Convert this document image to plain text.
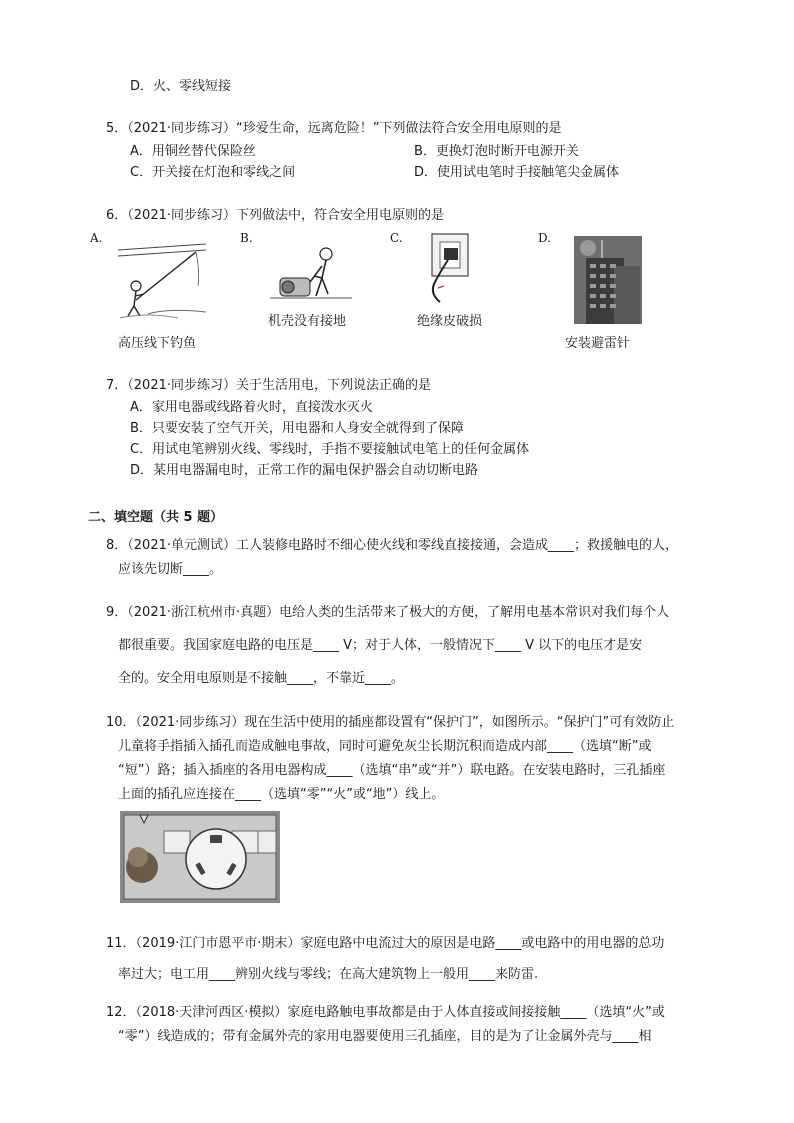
D．火、零线短接
5．（2021·同步练习）“珍爱生命，远离危险！”下列做法符合安全用电原则的是
A．用铜丝替代保险丝	B．更换灯泡时断开电源开关
C．开关接在灯泡和零线之间	D．使用试电笔时手接触笔尖金属体
6．（2021·同步练习）下列做法中，符合安全用电原则的是
A.	B.	C.	D.
高压线下钓鱼
机壳没有接地	绝缘皮破损
安装避雷针
7．（2021·同步练习）关于生活用电，下列说法正确的是
A．家用电器或线路着火时，直接泼水灭火
B．只要安装了空气开关，用电器和人身安全就得到了保障
C．用试电笔辨别火线、零线时，手指不要接触试电笔上的任何金属体
D．某用电器漏电时，正常工作的漏电保护器会自动切断电路
二、填空题（共 5 题）
8．（2021·单元测试）工人装修电路时不细心使火线和零线直接接通，会造成____；救援触电的人，
应该先切断____。
9．（2021·浙江杭州市·真题）电给人类的生活带来了极大的方便，了解用电基本常识对我们每个人
都很重要。我国家庭电路的电压是____ V；对于人体，一般情况下____ V 以下的电压才是安
全的。安全用电原则是不接触____，不靠近____。
10．（2021·同步练习）现在生活中使用的插座都设置有“保护门”，如图所示。“保护门”可有效防止
儿童将手指插入插孔而造成触电事故，同时可避免灰尘长期沉积而造成内部____（选填“断”或
“短”）路；插入插座的各用电器构成____（选填“串”或“并”）联电路。在安装电路时，三孔插座
上面的插孔应连接在____（选填“零”“火”或“地”）线上。
11．（2019·江门市恩平市·期末）家庭电路中电流过大的原因是电路____或电路中的用电器的总功
率过大；电工用____辨别火线与零线；在高大建筑物上一般用____来防雷.
12．（2018·天津河西区·模拟）家庭电路触电事故都是由于人体直接或间接接触____（选填“火”或
“零”）线造成的；带有金属外壳的家用电器要使用三孔插座，目的是为了让金属外壳与____相
